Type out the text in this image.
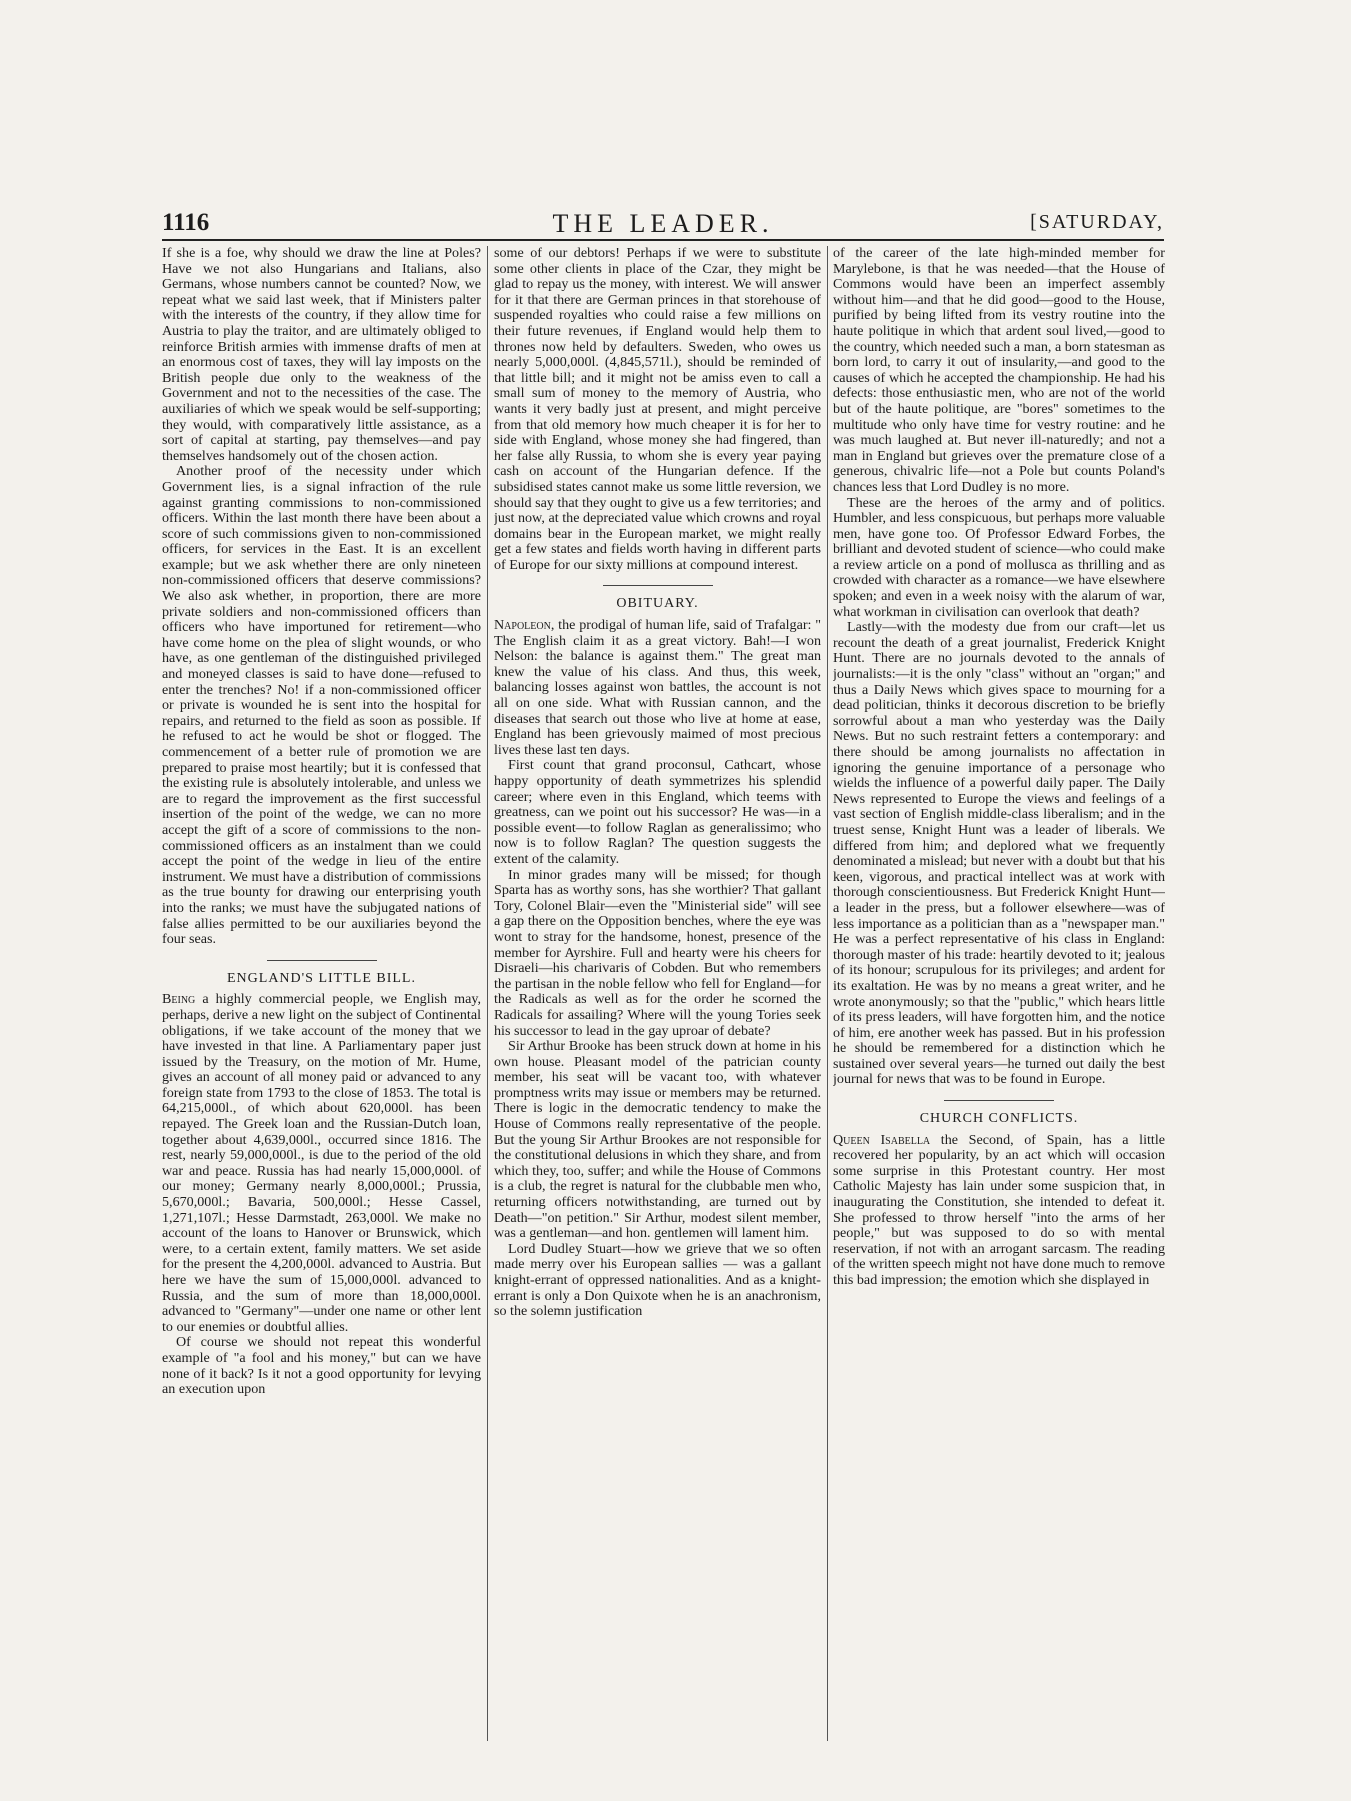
1116	THE LEADER.	[SATURDAY,

If she is a foe, why should we draw the line at Poles? Have we not also Hungarians and Italians, also Germans, whose numbers cannot be counted? Now, we repeat what we said last week, that if Ministers palter with the interests of the country, if they allow time for Austria to play the traitor, and are ultimately obliged to reinforce British armies with immense drafts of men at an enormous cost of taxes, they will lay imposts on the British people due only to the weakness of the Government and not to the necessities of the case. The auxiliaries of which we speak would be self-supporting; they would, with comparatively little assistance, as a sort of capital at starting, pay themselves—and pay themselves handsomely out of the chosen action.

Another proof of the necessity under which Government lies, is a signal infraction of the rule against granting commissions to non-commissioned officers. Within the last month there have been about a score of such commissions given to non-commissioned officers, for services in the East. It is an excellent example; but we ask whether there are only nineteen non-commissioned officers that deserve commissions? We also ask whether, in proportion, there are more private soldiers and non-commissioned officers than officers who have importuned for retirement—who have come home on the plea of slight wounds, or who have, as one gentleman of the distinguished privileged and moneyed classes is said to have done—refused to enter the trenches? No! if a non-commissioned officer or private is wounded he is sent into the hospital for repairs, and returned to the field as soon as possible. If he refused to act he would be shot or flogged. The commencement of a better rule of promotion we are prepared to praise most heartily; but it is confessed that the existing rule is absolutely intolerable, and unless we are to regard the improvement as the first successful insertion of the point of the wedge, we can no more accept the gift of a score of commissions to the non-commissioned officers as an instalment than we could accept the point of the wedge in lieu of the entire instrument. We must have a distribution of commissions as the true bounty for drawing our enterprising youth into the ranks; we must have the subjugated nations of false allies permitted to be our auxiliaries beyond the four seas.

ENGLAND'S LITTLE BILL.

Being a highly commercial people, we English may, perhaps, derive a new light on the subject of Continental obligations, if we take account of the money that we have invested in that line. A Parliamentary paper just issued by the Treasury, on the motion of Mr. Hume, gives an account of all money paid or advanced to any foreign state from 1793 to the close of 1853. The total is 64,215,000l., of which about 620,000l. has been repayed. The Greek loan and the Russian-Dutch loan, together about 4,639,000l., occurred since 1816. The rest, nearly 59,000,000l., is due to the period of the old war and peace. Russia has had nearly 15,000,000l. of our money; Germany nearly 8,000,000l.; Prussia, 5,670,000l.; Bavaria, 500,000l.; Hesse Cassel, 1,271,107l.; Hesse Darmstadt, 263,000l. We make no account of the loans to Hanover or Brunswick, which were, to a certain extent, family matters. We set aside for the present the 4,200,000l. advanced to Austria. But here we have the sum of 15,000,000l. advanced to Russia, and the sum of more than 18,000,000l. advanced to "Germany"—under one name or other lent to our enemies or doubtful allies.

Of course we should not repeat this wonderful example of "a fool and his money," but can we have none of it back? Is it not a good opportunity for levying an execution upon

some of our debtors! Perhaps if we were to substitute some other clients in place of the Czar, they might be glad to repay us the money, with interest. We will answer for it that there are German princes in that storehouse of suspended royalties who could raise a few millions on their future revenues, if England would help them to thrones now held by defaulters. Sweden, who owes us nearly 5,000,000l. (4,845,571l.), should be reminded of that little bill; and it might not be amiss even to call a small sum of money to the memory of Austria, who wants it very badly just at present, and might perceive from that old memory how much cheaper it is for her to side with England, whose money she had fingered, than her false ally Russia, to whom she is every year paying cash on account of the Hungarian defence. If the subsidised states cannot make us some little reversion, we should say that they ought to give us a few territories; and just now, at the depreciated value which crowns and royal domains bear in the European market, we might really get a few states and fields worth having in different parts of Europe for our sixty millions at compound interest.

OBITUARY.

Napoleon, the prodigal of human life, said of Trafalgar: " The English claim it as a great victory. Bah!—I won Nelson: the balance is against them." The great man knew the value of his class. And thus, this week, balancing losses against won battles, the account is not all on one side. What with Russian cannon, and the diseases that search out those who live at home at ease, England has been grievously maimed of most precious lives these last ten days.

First count that grand proconsul, Cathcart, whose happy opportunity of death symmetrizes his splendid career; where even in this England, which teems with greatness, can we point out his successor? He was—in a possible event—to follow Raglan as generalissimo; who now is to follow Raglan? The question suggests the extent of the calamity.

In minor grades many will be missed; for though Sparta has as worthy sons, has she worthier? That gallant Tory, Colonel Blair—even the "Ministerial side" will see a gap there on the Opposition benches, where the eye was wont to stray for the handsome, honest, presence of the member for Ayrshire. Full and hearty were his cheers for Disraeli—his charivaris of Cobden. But who remembers the partisan in the noble fellow who fell for England—for the Radicals as well as for the order he scorned the Radicals for assailing? Where will the young Tories seek his successor to lead in the gay uproar of debate?

Sir Arthur Brooke has been struck down at home in his own house. Pleasant model of the patrician county member, his seat will be vacant too, with whatever promptness writs may issue or members may be returned. There is logic in the democratic tendency to make the House of Commons really representative of the people. But the young Sir Arthur Brookes are not responsible for the constitutional delusions in which they share, and from which they, too, suffer; and while the House of Commons is a club, the regret is natural for the clubbable men who, returning officers notwithstanding, are turned out by Death—"on petition." Sir Arthur, modest silent member, was a gentleman—and hon. gentlemen will lament him.

Lord Dudley Stuart—how we grieve that we so often made merry over his European sallies — was a gallant knight-errant of oppressed nationalities. And as a knight-errant is only a Don Quixote when he is an anachronism, so the solemn justification

of the career of the late high-minded member for Marylebone, is that he was needed—that the House of Commons would have been an imperfect assembly without him—and that he did good—good to the House, purified by being lifted from its vestry routine into the haute politique in which that ardent soul lived,—good to the country, which needed such a man, a born statesman as born lord, to carry it out of insularity,—and good to the causes of which he accepted the championship. He had his defects: those enthusiastic men, who are not of the world but of the haute politique, are "bores" sometimes to the multitude who only have time for vestry routine: and he was much laughed at. But never ill-naturedly; and not a man in England but grieves over the premature close of a generous, chivalric life—not a Pole but counts Poland's chances less that Lord Dudley is no more.

These are the heroes of the army and of politics. Humbler, and less conspicuous, but perhaps more valuable men, have gone too. Of Professor Edward Forbes, the brilliant and devoted student of science—who could make a review article on a pond of mollusca as thrilling and as crowded with character as a romance—we have elsewhere spoken; and even in a week noisy with the alarum of war, what workman in civilisation can overlook that death?

Lastly—with the modesty due from our craft—let us recount the death of a great journalist, Frederick Knight Hunt. There are no journals devoted to the annals of journalists:—it is the only "class" without an "organ;" and thus a Daily News which gives space to mourning for a dead politician, thinks it decorous discretion to be briefly sorrowful about a man who yesterday was the Daily News. But no such restraint fetters a contemporary: and there should be among journalists no affectation in ignoring the genuine importance of a personage who wields the influence of a powerful daily paper. The Daily News represented to Europe the views and feelings of a vast section of English middle-class liberalism; and in the truest sense, Knight Hunt was a leader of liberals. We differed from him; and deplored what we frequently denominated a mislead; but never with a doubt but that his keen, vigorous, and practical intellect was at work with thorough conscientiousness. But Frederick Knight Hunt—a leader in the press, but a follower elsewhere—was of less importance as a politician than as a "newspaper man." He was a perfect representative of his class in England: thorough master of his trade: heartily devoted to it; jealous of its honour; scrupulous for its privileges; and ardent for its exaltation. He was by no means a great writer, and he wrote anonymously; so that the "public," which hears little of its press leaders, will have forgotten him, and the notice of him, ere another week has passed. But in his profession he should be remembered for a distinction which he sustained over several years—he turned out daily the best journal for news that was to be found in Europe.

CHURCH CONFLICTS.

Queen Isabella the Second, of Spain, has a little recovered her popularity, by an act which will occasion some surprise in this Protestant country. Her most Catholic Majesty has lain under some suspicion that, in inaugurating the Constitution, she intended to defeat it. She professed to throw herself "into the arms of her people," but was supposed to do so with mental reservation, if not with an arrogant sarcasm. The reading of the written speech might not have done much to remove this bad impression; the emotion which she displayed in
